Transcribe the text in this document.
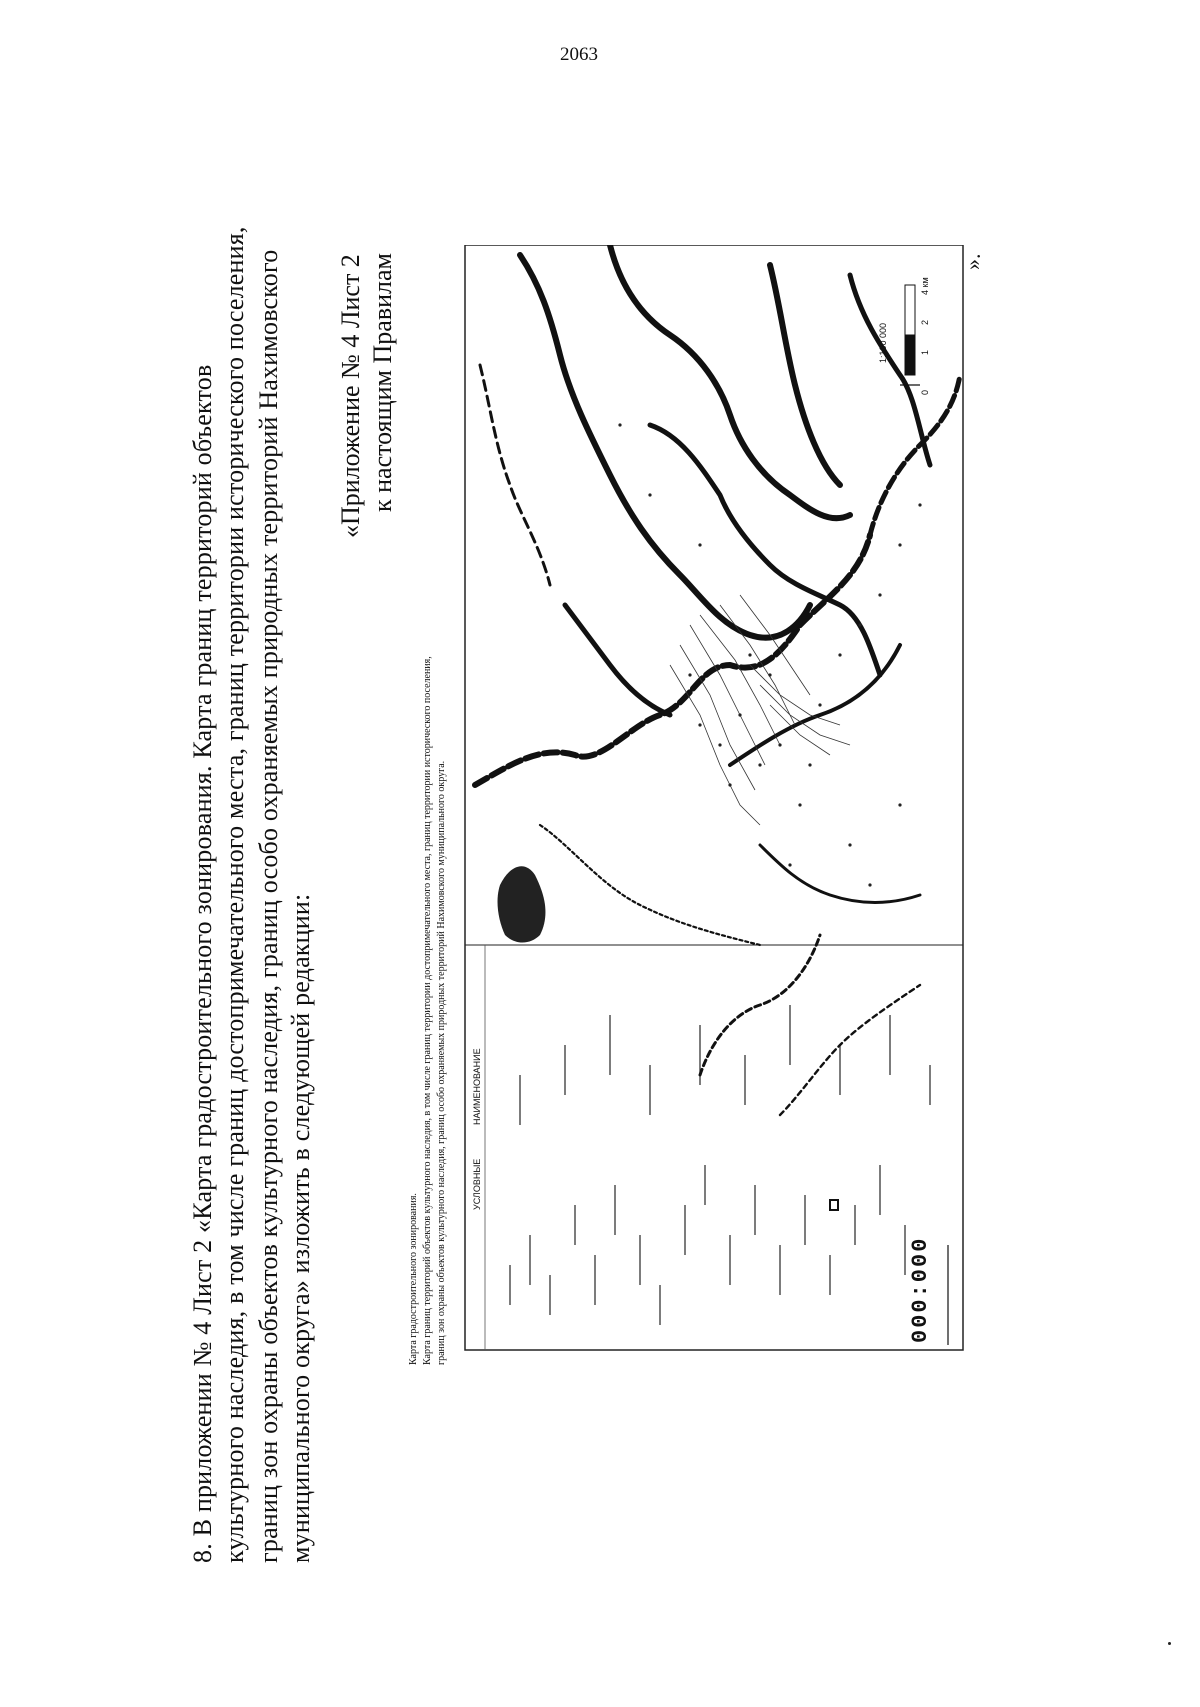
2063
8. В приложении № 4 Лист 2 «Карта градостроительного зонирования. Карта границ территорий объектов культурного наследия, в том числе границ достопримечательного места, границ территории исторического поселения, границ зон охраны объектов культурного наследия, границ особо охраняемых природных территорий Нахимовского муниципального округа» изложить в следующей редакции:
«Приложение № 4 Лист 2 к настоящим Правилам
Карта градостроительного зонирования. Карта границ территорий объектов культурного наследия, в том числе границ территории достопримечательного места, границ территории исторического поселения, границ зон охраны объектов культурного наследия, границ особо охраняемых природных территорий Нахимовского муниципального округа.
1:100 000
0
1
2
4 км
УСЛОВНЫЕ
НАИМЕНОВАНИЕ
000:000
».
